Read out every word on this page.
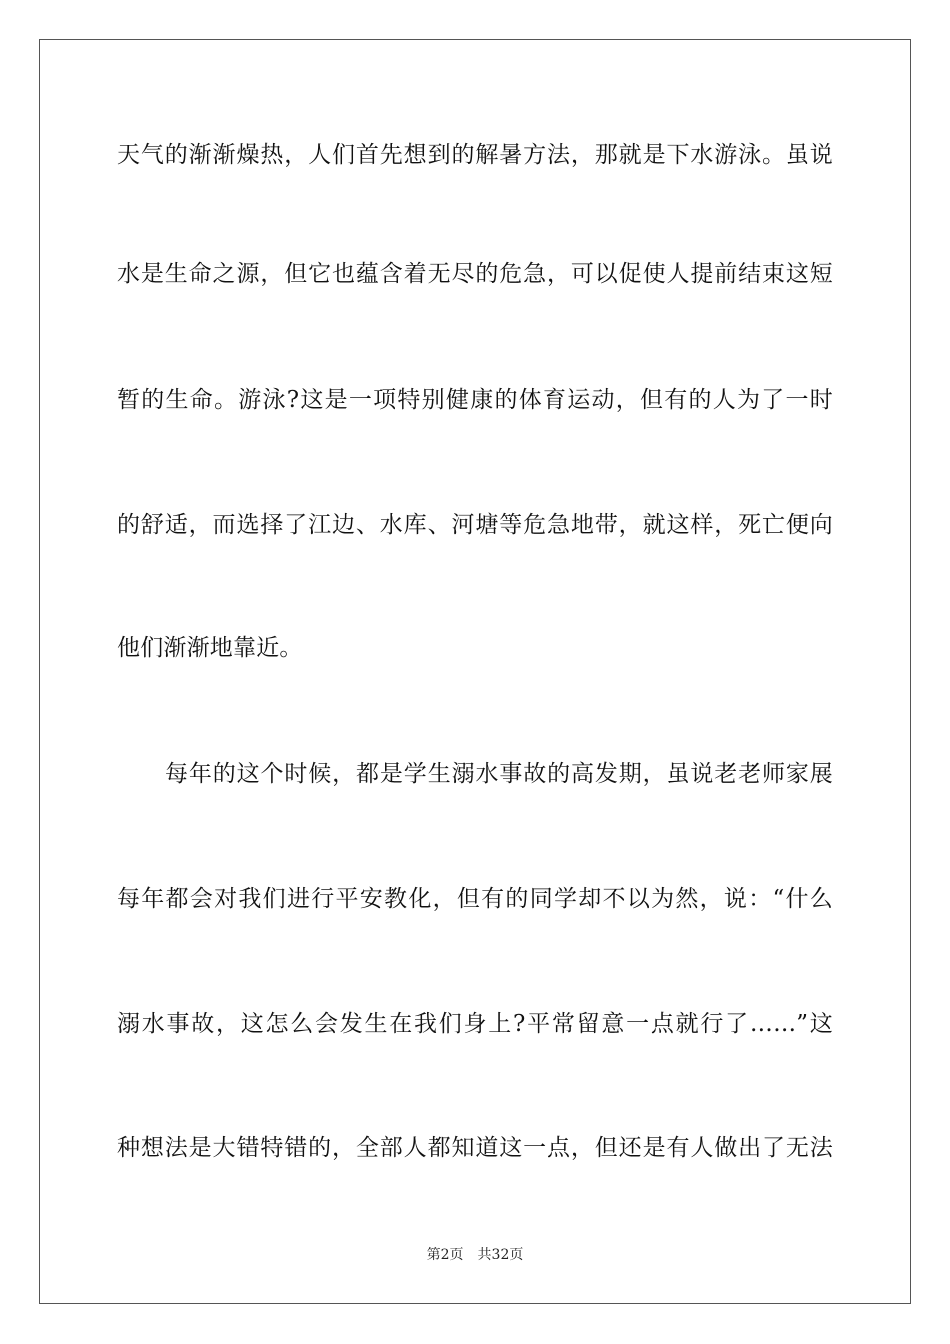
天气的渐渐燥热，人们首先想到的解暑方法，那就是下水游泳。虽说
水是生命之源，但它也蕴含着无尽的危急，可以促使人提前结束这短
暂的生命。游泳?这是一项特别健康的体育运动，但有的人为了一时
的舒适，而选择了江边、水库、河塘等危急地带，就这样，死亡便向
他们渐渐地靠近。
每年的这个时候，都是学生溺水事故的高发期，虽说老老师家展
每年都会对我们进行平安教化，但有的同学却不以为然，说：“什么
溺水事故，这怎么会发生在我们身上?平常留意一点就行了……”这
种想法是大错特错的，全部人都知道这一点，但还是有人做出了无法
第2页 共32页
